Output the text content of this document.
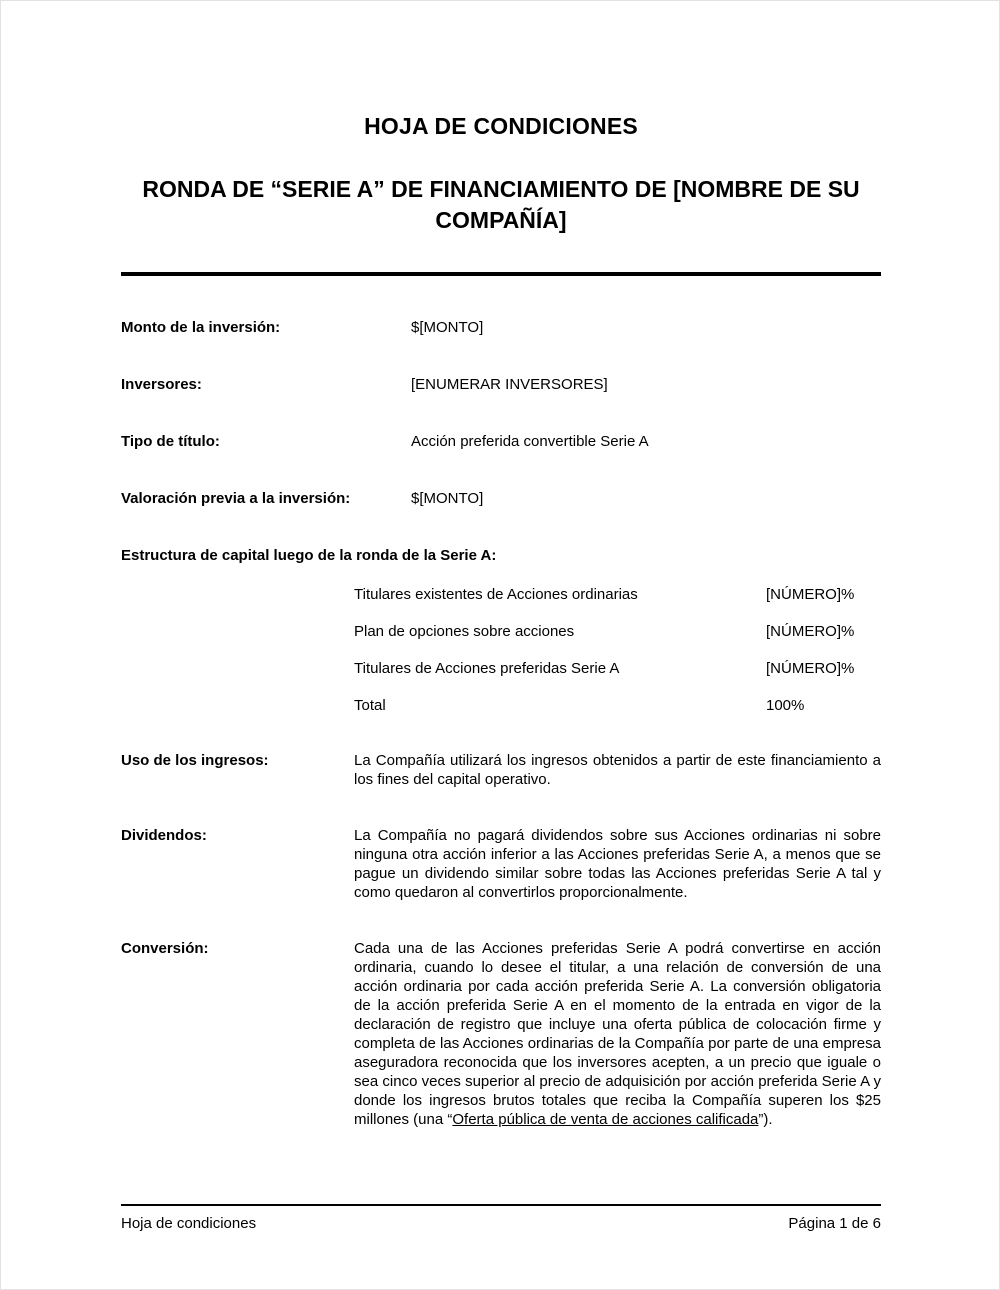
HOJA DE CONDICIONES
RONDA DE “SERIE A” DE FINANCIAMIENTO DE [NOMBRE DE SU COMPAÑÍA]
Monto de la inversión:	$[MONTO]
Inversores:	[ENUMERAR INVERSORES]
Tipo de título:	Acción preferida convertible Serie A
Valoración previa a la inversión:	$[MONTO]
Estructura de capital luego de la ronda de la Serie A:
Titulares existentes de Acciones ordinarias	[NÚMERO]%
Plan de opciones sobre acciones	[NÚMERO]%
Titulares de Acciones preferidas Serie A	[NÚMERO]%
Total	100%
Uso de los ingresos:	La Compañía utilizará los ingresos obtenidos a partir de este financiamiento a los fines del capital operativo.
Dividendos:	La Compañía no pagará dividendos sobre sus Acciones ordinarias ni sobre ninguna otra acción inferior a las Acciones preferidas Serie A, a menos que se pague un dividendo similar sobre todas las Acciones preferidas Serie A tal y como quedaron al convertirlos proporcionalmente.
Conversión:	Cada una de las Acciones preferidas Serie A podrá convertirse en acción ordinaria, cuando lo desee el titular, a una relación de conversión de una acción ordinaria por cada acción preferida Serie A. La conversión obligatoria de la acción preferida Serie A en el momento de la entrada en vigor de la declaración de registro que incluye una oferta pública de colocación firme y completa de las Acciones ordinarias de la Compañía por parte de una empresa aseguradora reconocida que los inversores acepten, a un precio que iguale o sea cinco veces superior al precio de adquisición por acción preferida Serie A y donde los ingresos brutos totales que reciba la Compañía superen los $25 millones (una “Oferta pública de venta de acciones calificada”).
Hoja de condiciones	Página 1 de 6
